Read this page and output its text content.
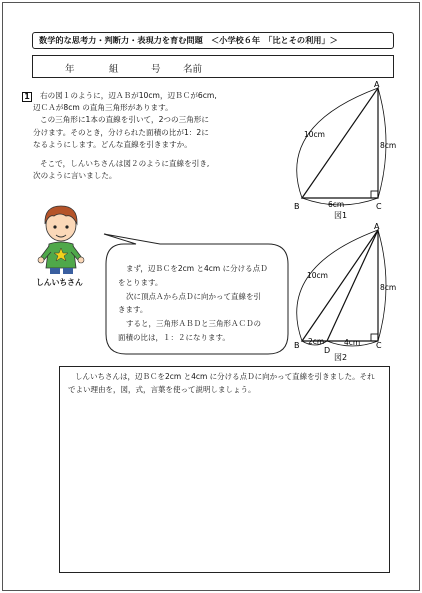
数学的な思考力・判断力・表現力を育む問題　＜小学校６年　「比とその利用」＞
年	組	号 名前
1	右の図１のように，辺ＡＢが10cm，辺ＢＣが6cm,

辺ＣＡが8cm の直角三角形があります。

この三角形に1本の直線を引いて，2つの三角形に

分けます。そのとき，分けられた面積の比が1：2に

なるようにします。どんな直線を引きますか。

そこで，しんいちさんは図２のように直線を引き,

次のように言いました。

しんいちさん

まず，辺ＢＣを2cm と4cm に分ける点Ｄ

をとります。

次に頂点Ａから点Ｄに向かって直線を引

きます。

すると，三角形ＡＢＤと三角形ＡＣＤの

面積の比は，１：２になります。

A
B	C
10cm
8cm
6cm
図1
A
B
D
C
10cm
8cm
2cm	4cm
図2

しんいちさんは，辺ＢＣを2cm と4cm に分ける点Ｄに向かって直線を引きました。それ

でよい理由を，図，式，言葉を使って説明しましょう。
